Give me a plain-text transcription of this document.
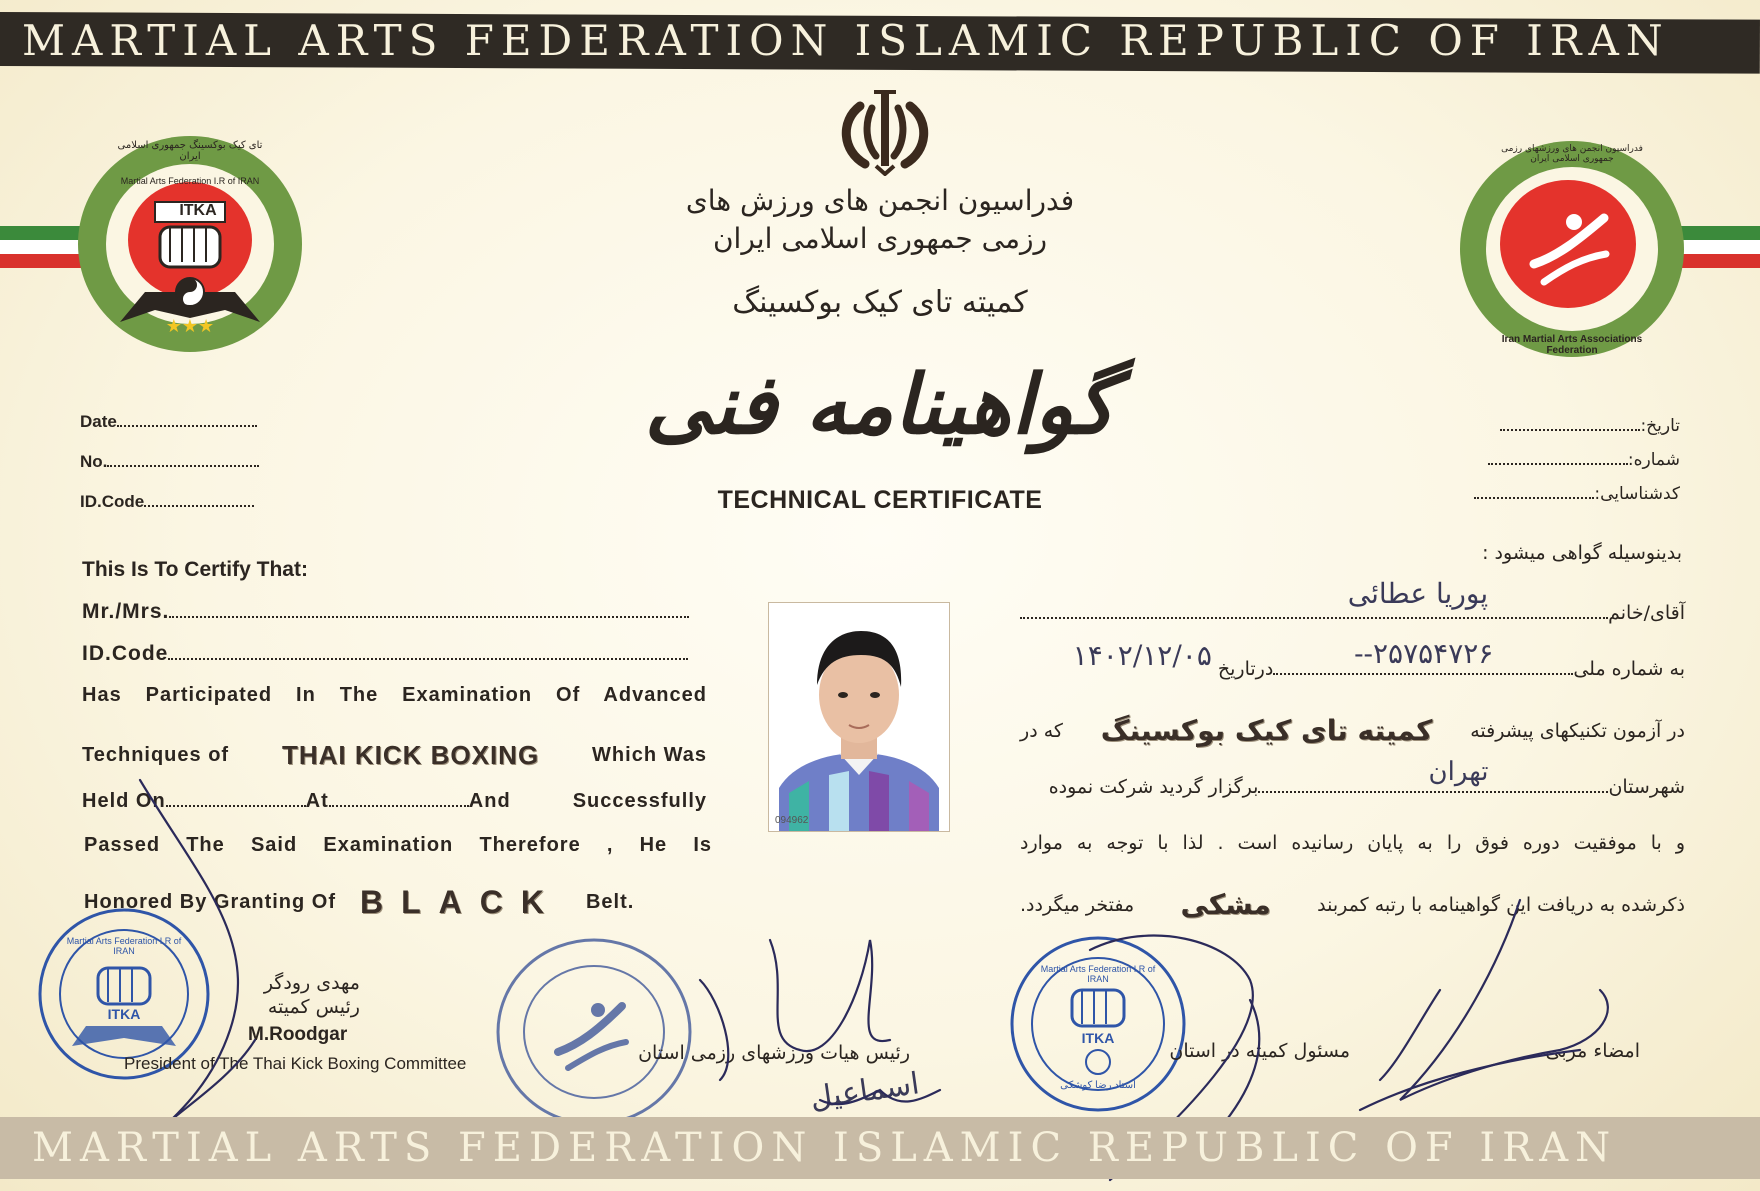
MARTIAL ARTS FEDERATION ISLAMIC REPUBLIC OF IRAN
فدراسیون انجمن های ورزش های
رزمی جمهوری اسلامی ایران
کمیته تای کیک بوکسینگ
گواهینامه فنی
TECHNICAL CERTIFICATE
ITKA
★★★
تای کیک بوکسینگ جمهوری اسلامی ایران
Martial Arts Federation I.R of IRAN
فدراسیون انجمن های ورزشهای رزمی جمهوری اسلامی ایران
Iran Martial Arts Associations Federation
Date
No.
ID.Code
تاریخ:
شماره:
کدشناسایی:
This Is To Certify That:
Mr./Mrs.
ID.Code
Has Participated In The Examination Of Advanced
Techniques of THAI KICK BOXING	Which Was
Held On	At	And Successfully
Passed The Said Examination Therefore , He Is
Honored By Granting Of BLACK Belt.
094962
بدینوسیله گواهی میشود :
آقای/خانم
پوریا عطائی
به شماره ملی
۲۵۷۵۴۷۲۶--
درتاریخ
۱۴۰۲/۱۲/۰۵
در آزمون تکنیکهای پیشرفته
کمیته تای کیک بوکسینگ
که در
شهرستان
تهران
برگزار گردید شرکت نموده
و با موفقیت دوره فوق را به پایان رسانیده است . لذا با توجه به موارد
ذکرشده به دریافت این گواهینامه با رتبه کمربند
مشکی
مفتخر میگردد.
ITKA
Martial Arts Federation I.R of IRAN
مهدی رودگر
رئیس کمیته
M.Roodgar
President of The Thai Kick Boxing Committee	رئیس هیات ورزشهای رزمی استان
اسماعیل
ITKA
Martial Arts Federation I.R of IRAN
استاد رضا کوشکی
مسئول کمیته در استان	امضاء مربی
MARTIAL ARTS FEDERATION ISLAMIC REPUBLIC OF IRAN
